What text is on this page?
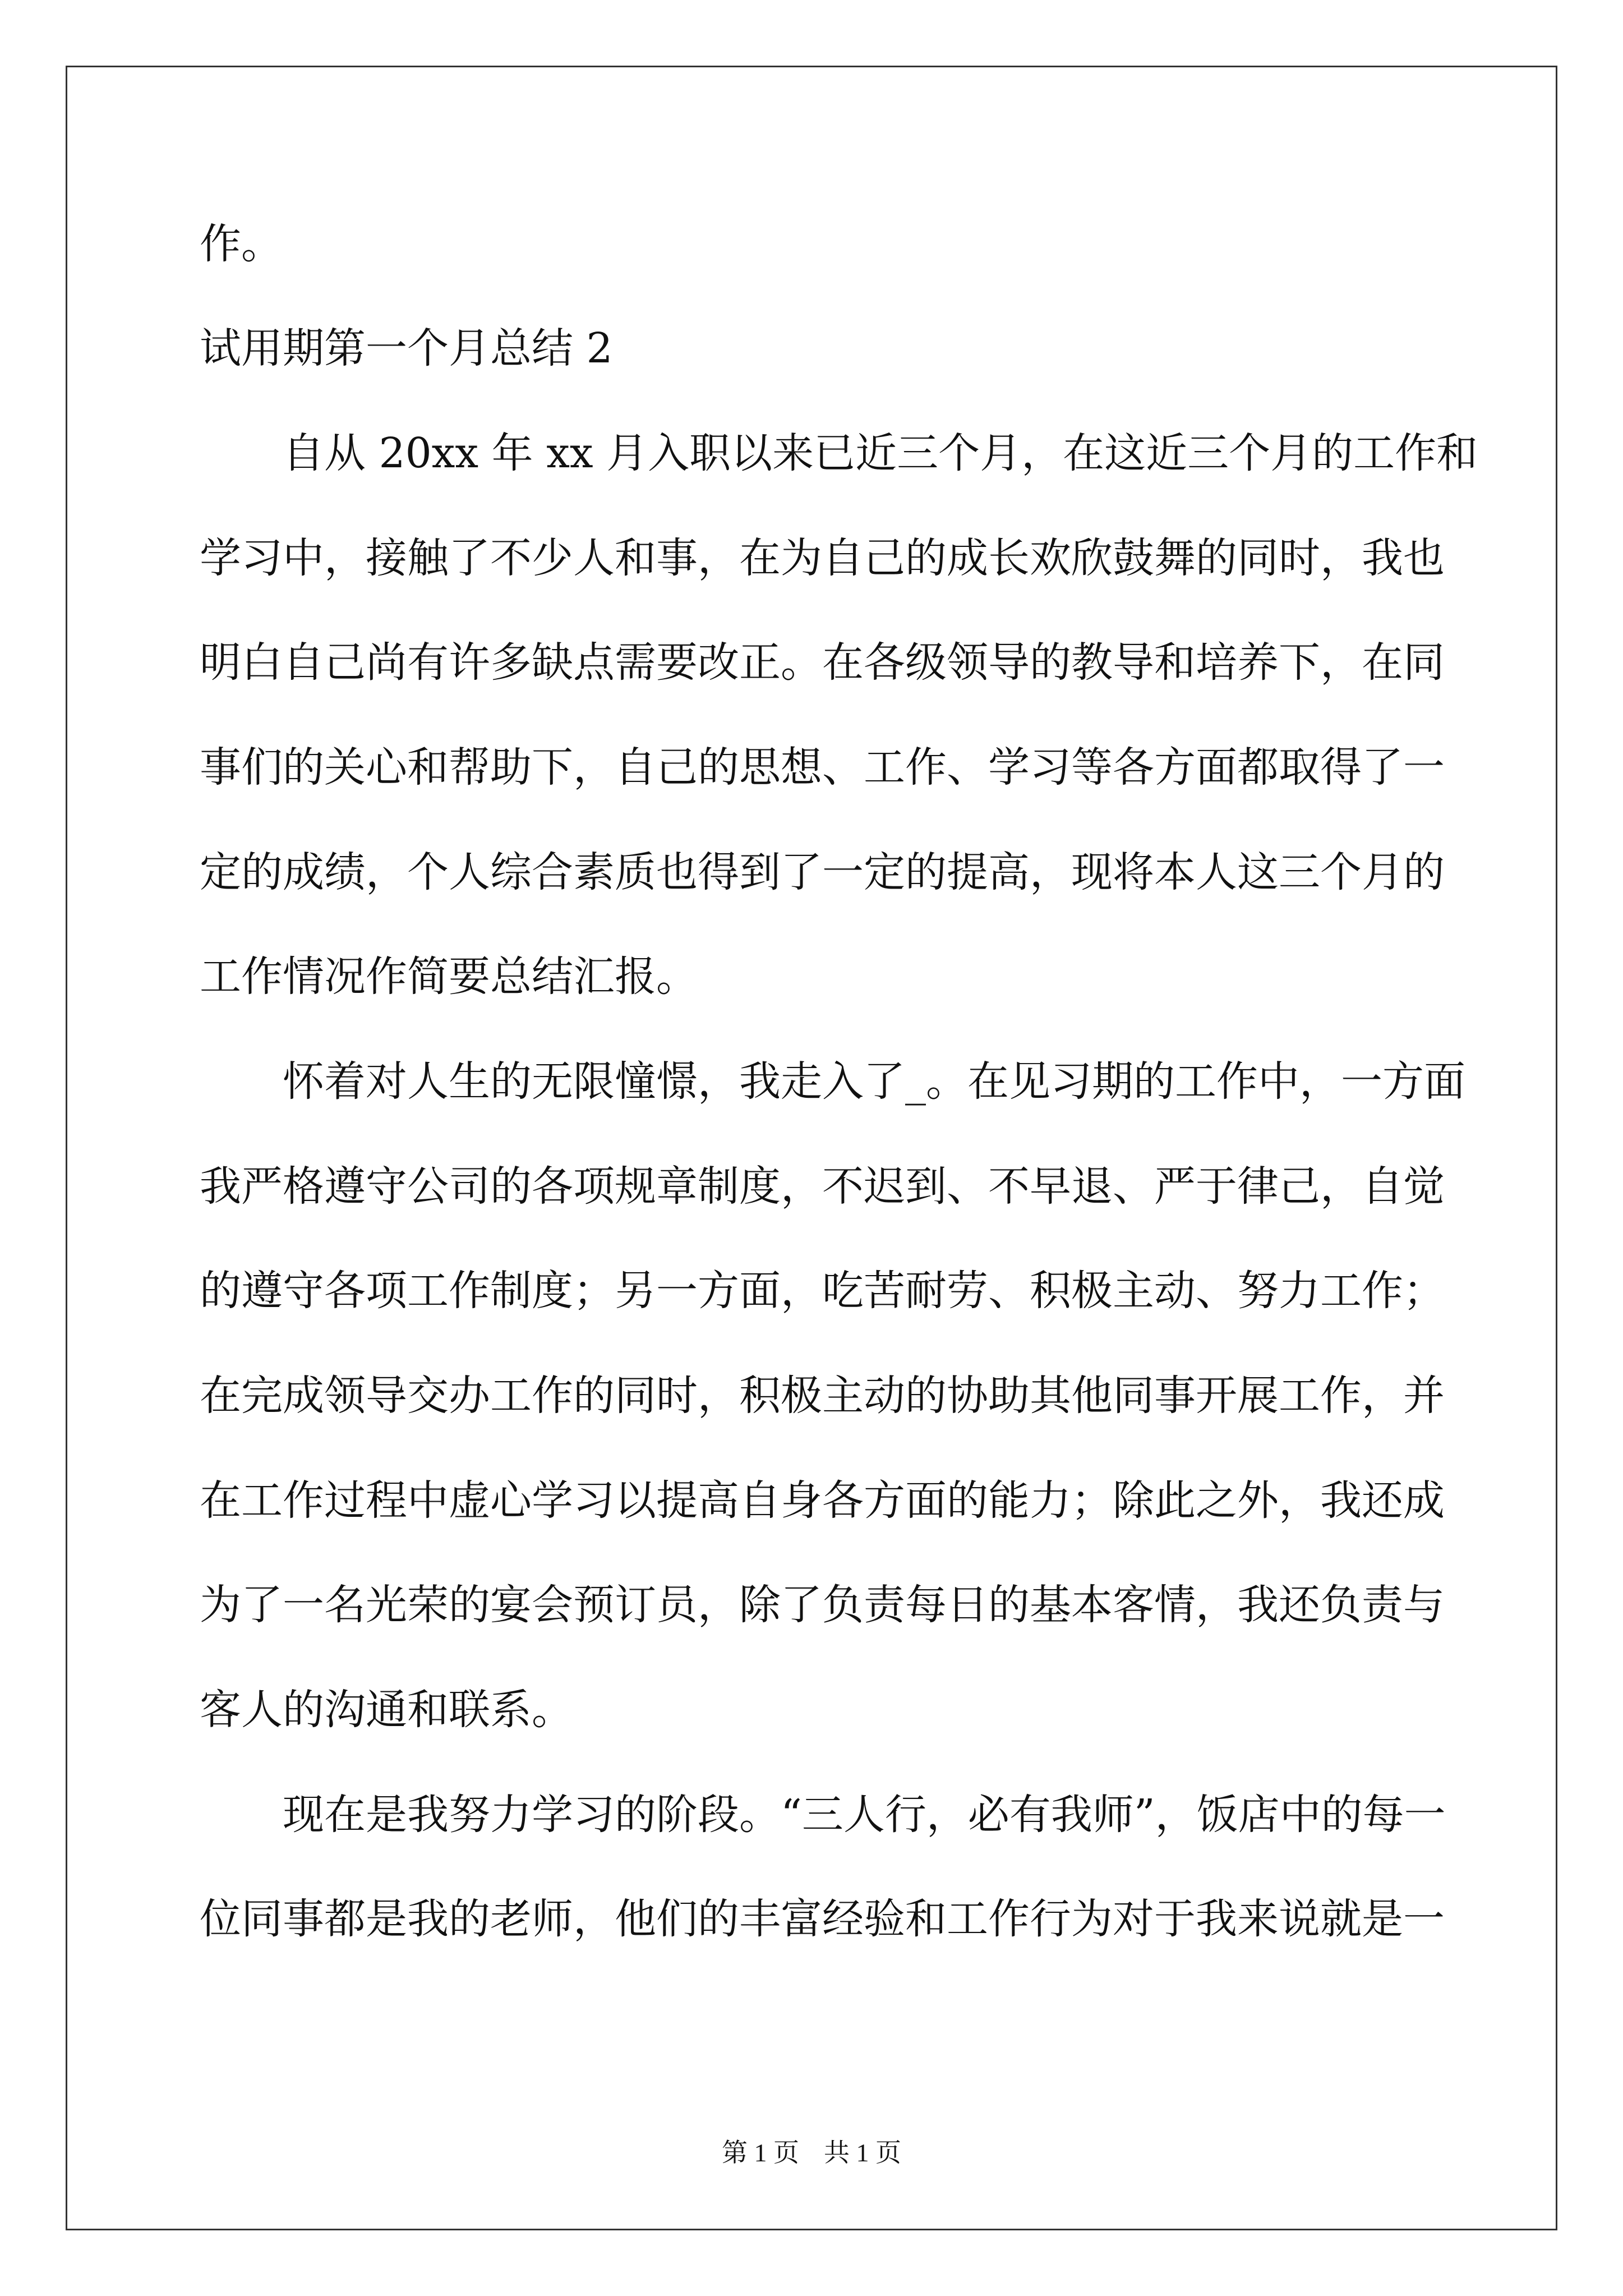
作。
试用期第一个月总结 2
　　自从 20xx 年 xx 月入职以来已近三个月，在这近三个月的工作和
学习中，接触了不少人和事，在为自己的成长欢欣鼓舞的同时，我也
明白自己尚有许多缺点需要改正。在各级领导的教导和培养下，在同
事们的关心和帮助下，自己的思想、工作、学习等各方面都取得了一
定的成绩，个人综合素质也得到了一定的提高，现将本人这三个月的
工作情况作简要总结汇报。
　　怀着对人生的无限憧憬，我走入了_。在见习期的工作中，一方面
我严格遵守公司的各项规章制度，不迟到、不早退、严于律己，自觉
的遵守各项工作制度；另一方面，吃苦耐劳、积极主动、努力工作；
在完成领导交办工作的同时，积极主动的协助其他同事开展工作，并
在工作过程中虚心学习以提高自身各方面的能力；除此之外，我还成
为了一名光荣的宴会预订员，除了负责每日的基本客情，我还负责与
客人的沟通和联系。
　　现在是我努力学习的阶段。“三人行，必有我师”，饭店中的每一
位同事都是我的老师，他们的丰富经验和工作行为对于我来说就是一
第 1 页 共 1 页
